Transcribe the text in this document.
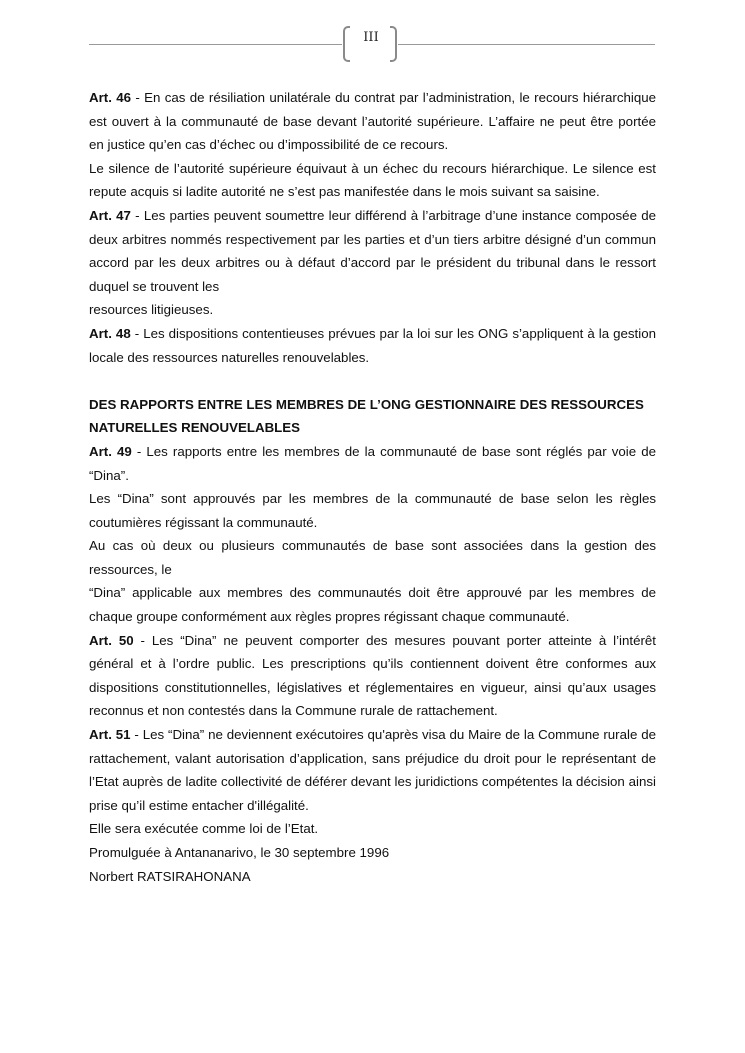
III

Art. 46 - En cas de résiliation unilatérale du contrat par l’administration, le recours hiérarchique est ouvert à la communauté de base devant l’autorité supérieure. L’affaire ne peut être portée en justice qu’en cas d’échec ou d’impossibilité de ce recours.

Le silence de l’autorité supérieure équivaut à un échec du recours hiérarchique. Le silence est repute acquis si ladite autorité ne s’est pas manifestée dans le mois suivant sa saisine.

Art. 47 - Les parties peuvent soumettre leur différend à l’arbitrage d’une instance composée de deux arbitres nommés respectivement par les parties et d’un tiers arbitre désigné d’un commun accord par les deux arbitres ou à défaut d’accord par le président du tribunal dans le ressort duquel se trouvent les

resources litigieuses.

Art. 48 - Les dispositions contentieuses prévues par la loi sur les ONG s’appliquent à la gestion locale des ressources naturelles renouvelables.

DES RAPPORTS ENTRE LES MEMBRES DE L’ONG GESTIONNAIRE DES RESSOURCES NATURELLES RENOUVELABLES

Art. 49 - Les rapports entre les membres de la communauté de base sont réglés par voie de “Dina”.

Les “Dina” sont approuvés par les membres de la communauté de base selon les règles coutumières régissant la communauté.

Au cas où deux ou plusieurs communautés de base sont associées dans la gestion des ressources, le

“Dina” applicable aux membres des communautés doit être approuvé par les membres de chaque groupe conformément aux règles propres régissant chaque communauté.

Art. 50 - Les “Dina” ne peuvent comporter des mesures pouvant porter atteinte à l’intérêt général et à l’ordre public. Les prescriptions qu’ils contiennent doivent être conformes aux dispositions constitutionnelles, législatives et réglementaires en vigueur, ainsi qu’aux usages reconnus et non contestés dans la Commune rurale de rattachement.

Art. 51 - Les “Dina” ne deviennent exécutoires qu'après visa du Maire de la Commune rurale de rattachement, valant autorisation d’application, sans préjudice du droit pour le représentant de l’Etat auprès de ladite collectivité de déférer devant les juridictions compétentes la décision ainsi prise qu’il estime entacher d'illégalité.

Elle sera exécutée comme loi de l’Etat.

Promulguée à Antananarivo, le 30 septembre 1996

Norbert RATSIRAHONANA
